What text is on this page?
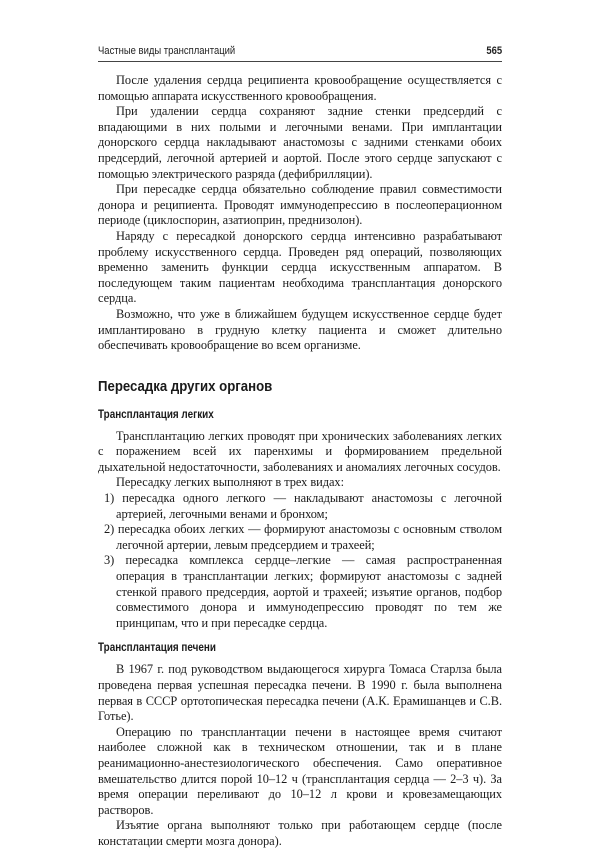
Частные виды трансплантаций	565

После удаления сердца реципиента кровообращение осуществляется с помощью аппарата искусственного кровообращения.

При удалении сердца сохраняют задние стенки предсердий с впадающими в них полыми и легочными венами. При имплантации донорского сердца накладывают анастомозы с задними стенками обоих предсердий, легочной артерией и аортой. После этого сердце запускают с помощью электрического разряда (дефибрилляции).

При пересадке сердца обязательно соблюдение правил совместимости донора и реципиента. Проводят иммунодепрессию в послеоперационном периоде (циклоспорин, азатиоприн, преднизолон).

Наряду с пересадкой донорского сердца интенсивно разрабатывают проблему искусственного сердца. Проведен ряд операций, позволяющих временно заменить функции сердца искусственным аппаратом. В последующем таким пациентам необходима трансплантация донорского сердца.

Возможно, что уже в ближайшем будущем искусственное сердце будет имплантировано в грудную клетку пациента и сможет длительно обеспечивать кровообращение во всем организме.

Пересадка других органов
Трансплантация легких

Трансплантацию легких проводят при хронических заболеваниях легких с поражением всей их паренхимы и формированием предельной дыхательной недостаточности, заболеваниях и аномалиях легочных сосудов.

Пересадку легких выполняют в трех видах:

1) пересадка одного легкого — накладывают анастомозы с легочной артерией, легочными венами и бронхом;

2) пересадка обоих легких — формируют анастомозы с основным стволом легочной артерии, левым предсердием и трахеей;

3) пересадка комплекса сердце–легкие — самая распространенная операция в трансплантации легких; формируют анастомозы с задней стенкой правого предсердия, аортой и трахеей; изъятие органов, подбор совместимого донора и иммунодепрессию проводят по тем же принципам, что и при пересадке сердца.

Трансплантация печени

В 1967 г. под руководством выдающегося хирурга Томаса Старлза была проведена первая успешная пересадка печени. В 1990 г. была выполнена первая в СССР ортотопическая пересадка печени (А.К. Ерамишанцев и С.В. Готье).

Операцию по трансплантации печени в настоящее время считают наиболее сложной как в техническом отношении, так и в плане реанимационно-анестезиологического обеспечения. Само оперативное вмешательство длится порой 10–12 ч (трансплантация сердца — 2–3 ч). За время операции переливают до 10–12 л крови и кровезамещающих растворов.

Изъятие органа выполняют только при работающем сердце (после констатации смерти мозга донора).
